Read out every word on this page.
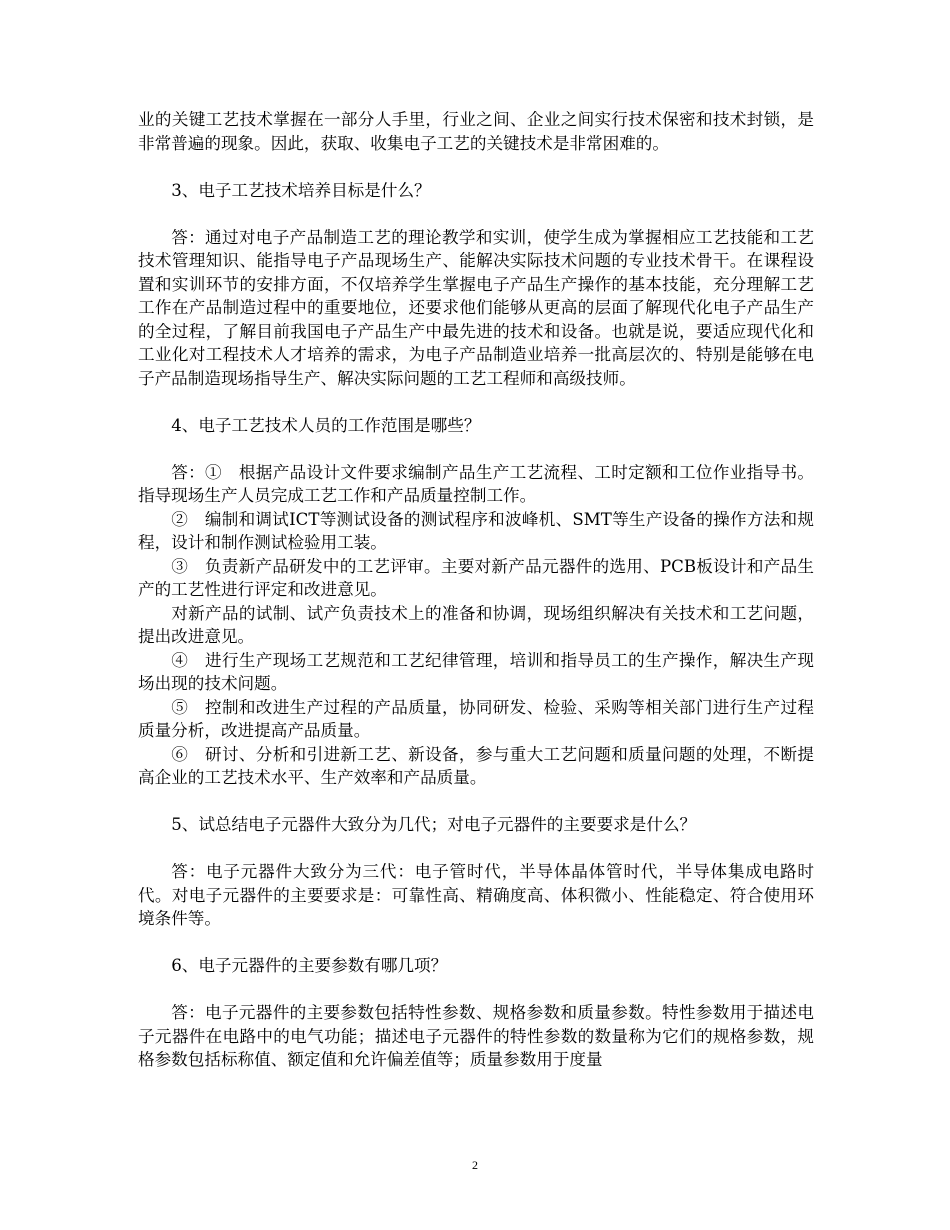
业的关键工艺技术掌握在一部分人手里，行业之间、企业之间实行技术保密和技术封锁，是非常普遍的现象。因此，获取、收集电子工艺的关键技术是非常困难的。

3、电子工艺技术培养目标是什么？

答：通过对电子产品制造工艺的理论教学和实训，使学生成为掌握相应工艺技能和工艺技术管理知识、能指导电子产品现场生产、能解决实际技术问题的专业技术骨干。在课程设置和实训环节的安排方面，不仅培养学生掌握电子产品生产操作的基本技能，充分理解工艺工作在产品制造过程中的重要地位，还要求他们能够从更高的层面了解现代化电子产品生产的全过程，了解目前我国电子产品生产中最先进的技术和设备。也就是说，要适应现代化和工业化对工程技术人才培养的需求，为电子产品制造业培养一批高层次的、特别是能够在电子产品制造现场指导生产、解决实际问题的工艺工程师和高级技师。

4、电子工艺技术人员的工作范围是哪些？

答：①　根据产品设计文件要求编制产品生产工艺流程、工时定额和工位作业指导书。指导现场生产人员完成工艺工作和产品质量控制工作。

②　编制和调试ICT等测试设备的测试程序和波峰机、SMT等生产设备的操作方法和规程，设计和制作测试检验用工装。

③　负责新产品研发中的工艺评审。主要对新产品元器件的选用、PCB板设计和产品生产的工艺性进行评定和改进意见。

对新产品的试制、试产负责技术上的准备和协调，现场组织解决有关技术和工艺问题，提出改进意见。

④　进行生产现场工艺规范和工艺纪律管理，培训和指导员工的生产操作，解决生产现场出现的技术问题。

⑤　控制和改进生产过程的产品质量，协同研发、检验、采购等相关部门进行生产过程质量分析，改进提高产品质量。

⑥　研讨、分析和引进新工艺、新设备，参与重大工艺问题和质量问题的处理，不断提高企业的工艺技术水平、生产效率和产品质量。

5、试总结电子元器件大致分为几代；对电子元器件的主要要求是什么？

答：电子元器件大致分为三代：电子管时代，半导体晶体管时代，半导体集成电路时代。对电子元器件的主要要求是：可靠性高、精确度高、体积微小、性能稳定、符合使用环境条件等。

6、电子元器件的主要参数有哪几项？

答：电子元器件的主要参数包括特性参数、规格参数和质量参数。特性参数用于描述电子元器件在电路中的电气功能；描述电子元器件的特性参数的数量称为它们的规格参数，规格参数包括标称值、额定值和允许偏差值等；质量参数用于度量

2
